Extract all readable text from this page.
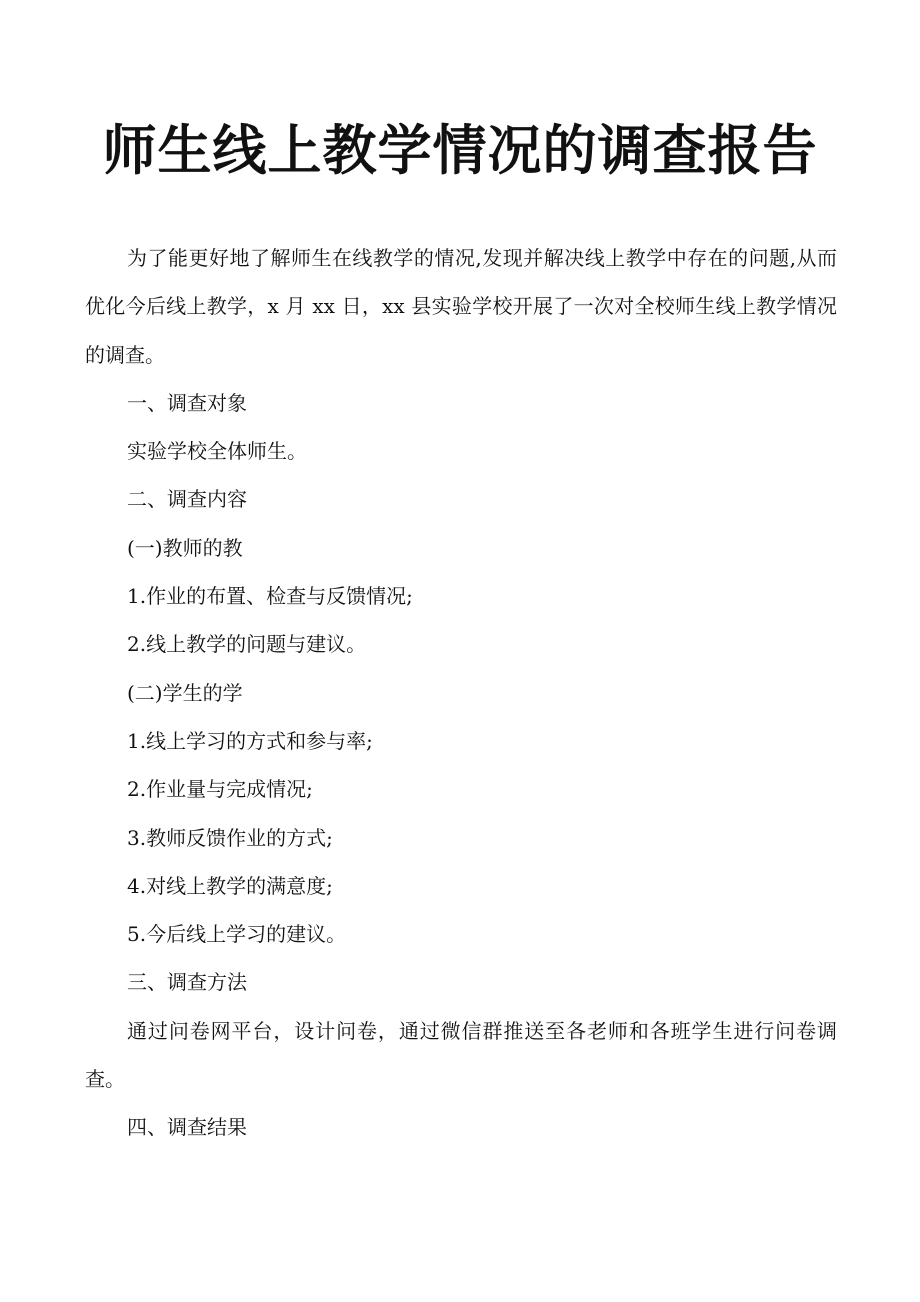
师生线上教学情况的调查报告

为了能更好地了解师生在线教学的情况,发现并解决线上教学中存在的问题,从而优化今后线上教学，x 月 xx 日，xx 县实验学校开展了一次对全校师生线上教学情况的调查。

一、调查对象

实验学校全体师生。

二、调查内容

(一)教师的教

1.作业的布置、检查与反馈情况;

2.线上教学的问题与建议。

(二)学生的学

1.线上学习的方式和参与率;

2.作业量与完成情况;

3.教师反馈作业的方式;

4.对线上教学的满意度;

5.今后线上学习的建议。

三、调查方法

通过问卷网平台，设计问卷，通过微信群推送至各老师和各班学生进行问卷调查。

四、调查结果
